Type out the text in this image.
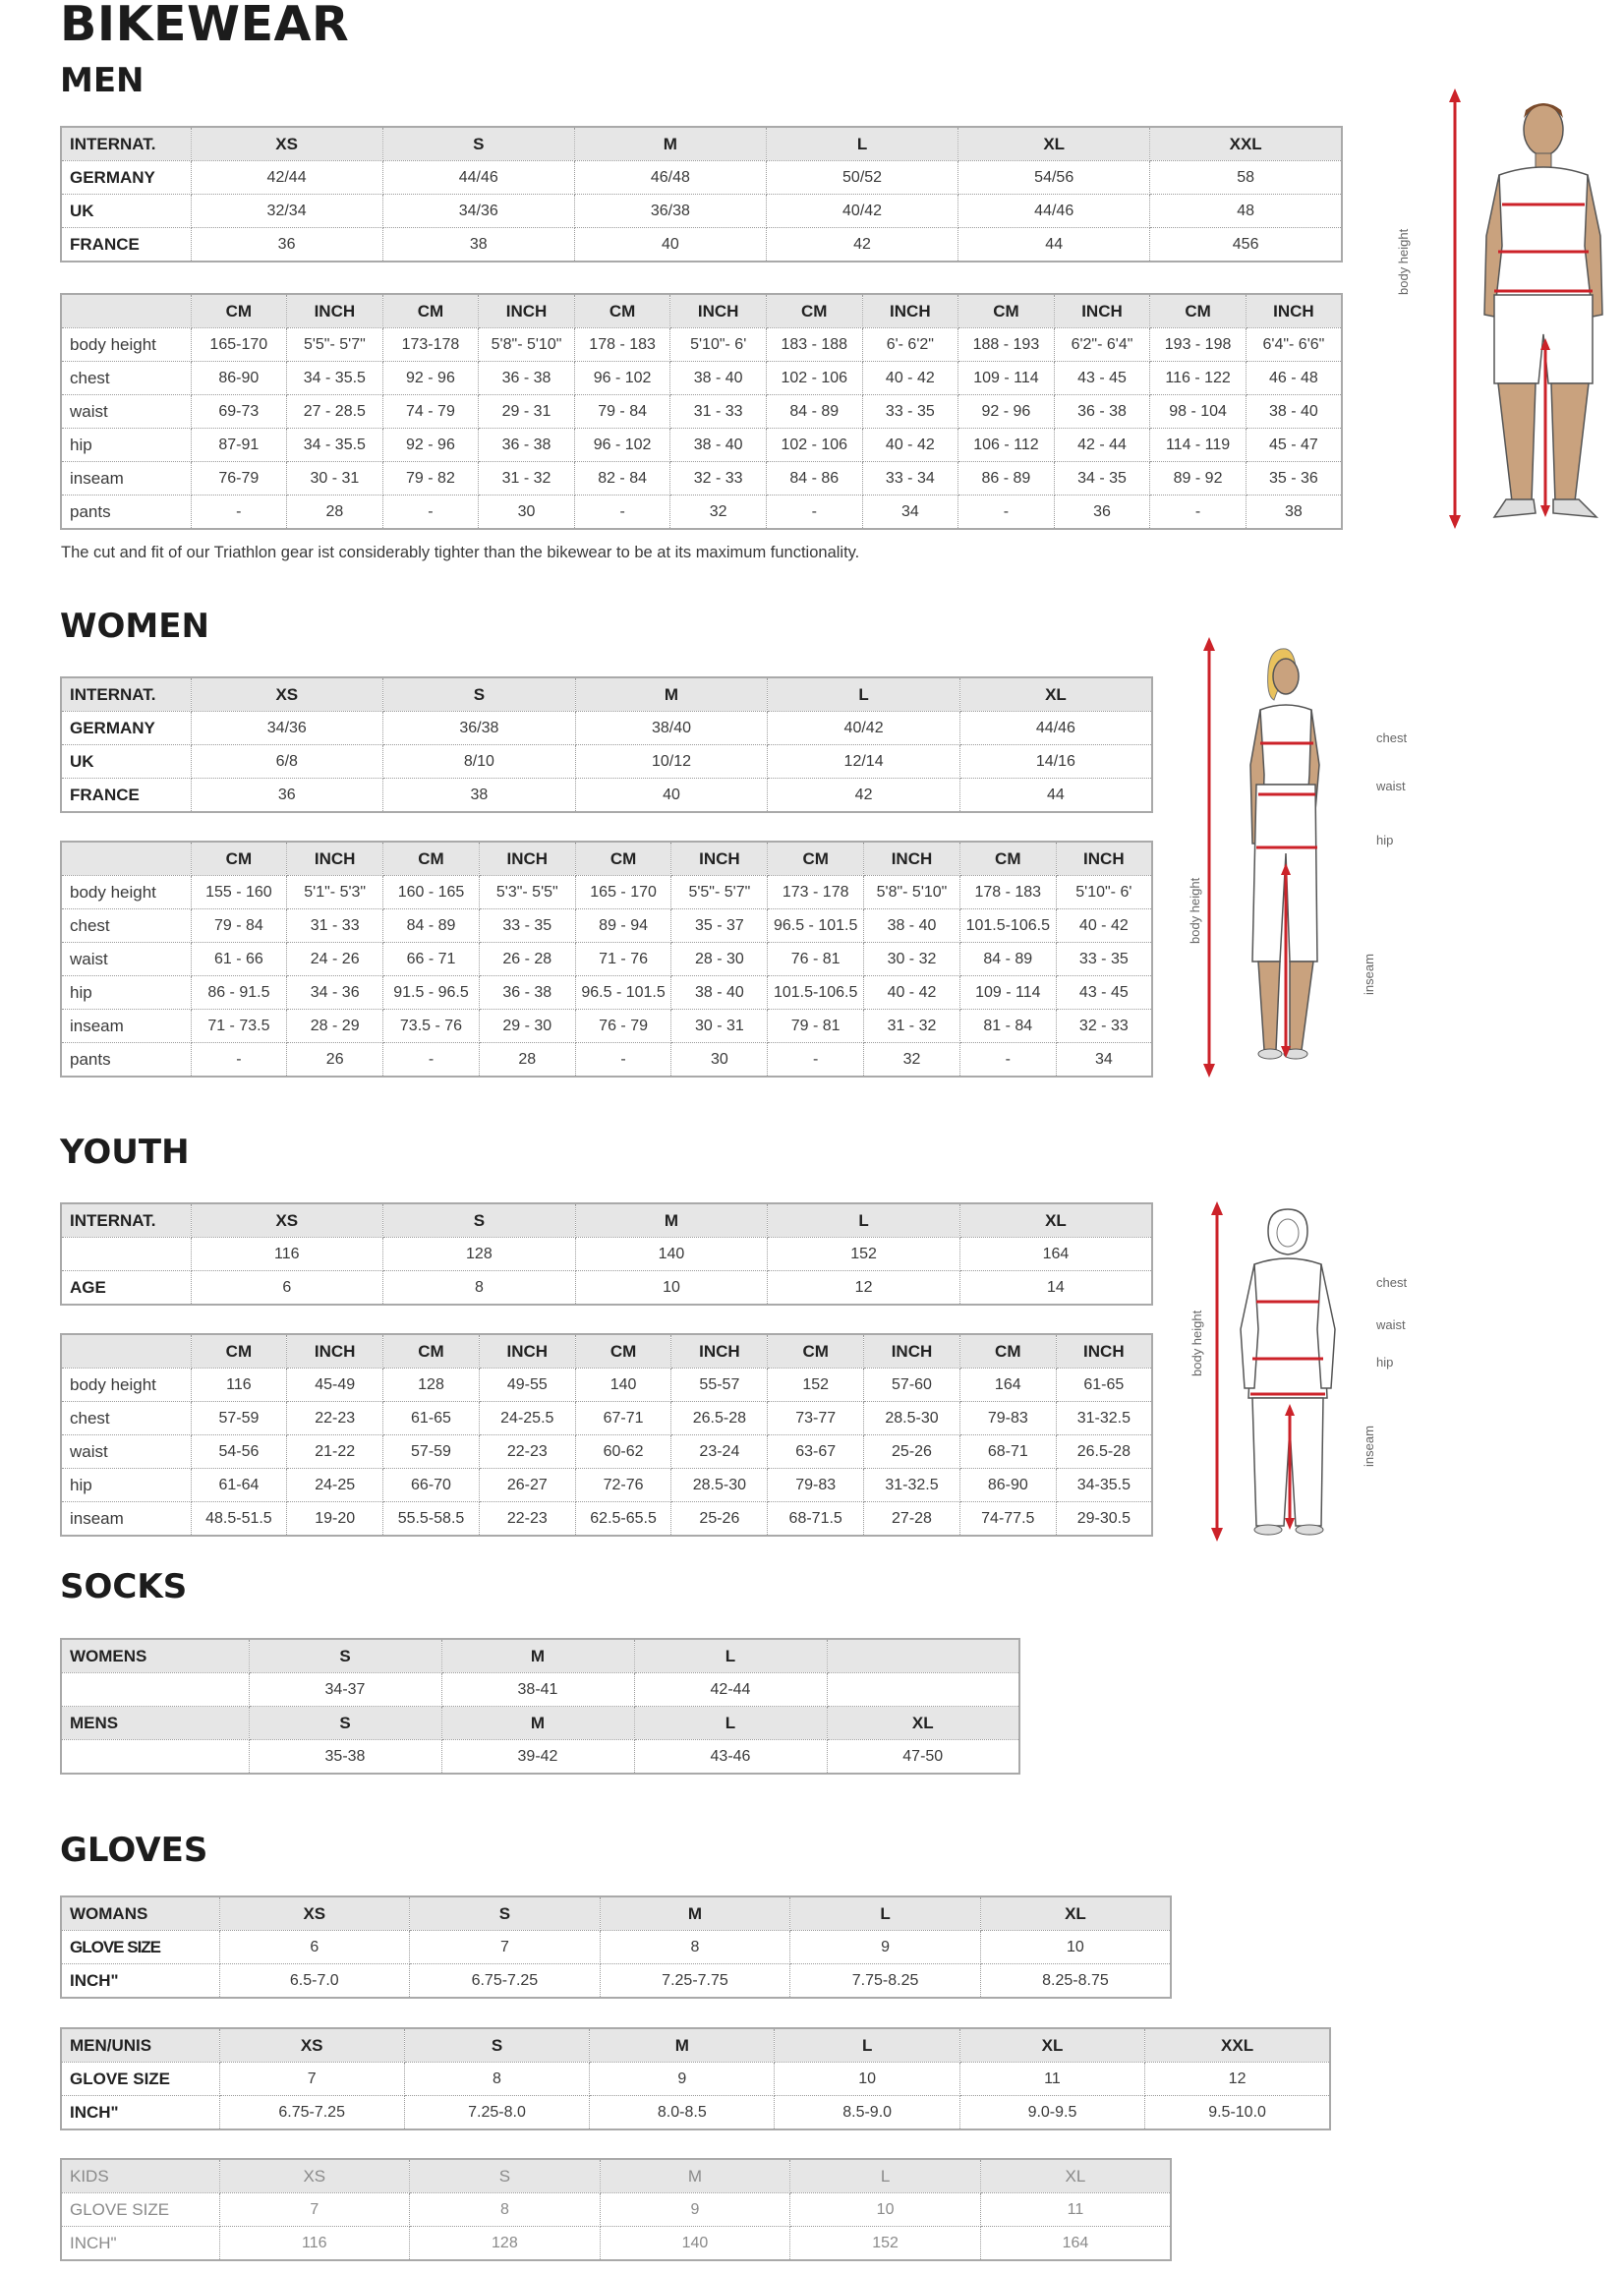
BIKEWEAR
MEN
INTERNAT.	XS	S	M	L	XL	XXL
GERMANY	42/44	44/46	46/48	50/52	54/56	58
UK	32/34	34/36	36/38	40/42	44/46	48
FRANCE	36	38	40	42	44	456
	CM	INCH	CM	INCH	CM	INCH	CM	INCH	CM	INCH	CM	INCH
body height	165-170	5'5"- 5'7"	173-178	5'8"- 5'10"	178 - 183	5'10"- 6'	183 - 188	6'- 6'2"	188 - 193	6'2"- 6'4"	193 - 198	6'4"- 6'6"
chest	86-90	34 - 35.5	92 - 96	36 - 38	96 - 102	38 - 40	102 - 106	40 - 42	109 - 114	43 - 45	116 - 122	46 - 48
waist	69-73	27 - 28.5	74 - 79	29 - 31	79 - 84	31 - 33	84 - 89	33 - 35	92 - 96	36 - 38	98 - 104	38 - 40
hip	87-91	34 - 35.5	92 - 96	36 - 38	96 - 102	38 - 40	102 - 106	40 - 42	106 - 112	42 - 44	114 - 119	45 - 47
inseam	76-79	30 - 31	79 - 82	31 - 32	82 - 84	32 - 33	84 - 86	33 - 34	86 - 89	34 - 35	89 - 92	35 - 36
pants	-	28	-	30	-	32	-	34	-	36	-	38
The cut and fit of our Triathlon gear ist considerably tighter than the bikewear to be at its maximum functionality.
body height
WOMEN
INTERNAT.	XS	S	M	L	XL
GERMANY	34/36	36/38	38/40	40/42	44/46
UK	6/8	8/10	10/12	12/14	14/16
FRANCE	36	38	40	42	44
	CM	INCH	CM	INCH	CM	INCH	CM	INCH	CM	INCH
body height	155 - 160	5'1"- 5'3"	160 - 165	5'3"- 5'5"	165 - 170	5'5"- 5'7"	173 - 178	5'8"- 5'10"	178 - 183	5'10"- 6'
chest	79 - 84	31 - 33	84 - 89	33 - 35	89 - 94	35 - 37	96.5 - 101.5	38 - 40	101.5-106.5	40 - 42
waist	61 - 66	24 - 26	66 - 71	26 - 28	71 - 76	28 - 30	76 - 81	30 - 32	84 - 89	33 - 35
hip	86 - 91.5	34 - 36	91.5 - 96.5	36 - 38	96.5 - 101.5	38 - 40	101.5-106.5	40 - 42	109 - 114	43 - 45
inseam	71 - 73.5	28 - 29	73.5 - 76	29 - 30	76 - 79	30 - 31	79 - 81	31 - 32	81 - 84	32 - 33
pants	-	26	-	28	-	30	-	32	-	34
chest
waist
hip
body height
inseam
YOUTH
INTERNAT.	XS	S	M	L	XL
	116	128	140	152	164
AGE	6	8	10	12	14
	CM	INCH	CM	INCH	CM	INCH	CM	INCH	CM	INCH
body height	116	45-49	128	49-55	140	55-57	152	57-60	164	61-65
chest	57-59	22-23	61-65	24-25.5	67-71	26.5-28	73-77	28.5-30	79-83	31-32.5
waist	54-56	21-22	57-59	22-23	60-62	23-24	63-67	25-26	68-71	26.5-28
hip	61-64	24-25	66-70	26-27	72-76	28.5-30	79-83	31-32.5	86-90	34-35.5
inseam	48.5-51.5	19-20	55.5-58.5	22-23	62.5-65.5	25-26	68-71.5	27-28	74-77.5	29-30.5
chest
waist
hip
body height
inseam
SOCKS
WOMENS	S	M	L	
	34-37	38-41	42-44	
MENS	S	M	L	XL
	35-38	39-42	43-46	47-50
GLOVES
WOMANS	XS	S	M	L	XL
GLOVE SIZE	6	7	8	9	10
INCH"	6.5-7.0	6.75-7.25	7.25-7.75	7.75-8.25	8.25-8.75
MEN/UNIS	XS	S	M	L	XL	XXL
GLOVE SIZE	7	8	9	10	11	12
INCH"	6.75-7.25	7.25-8.0	8.0-8.5	8.5-9.0	9.0-9.5	9.5-10.0
KIDS	XS	S	M	L	XL
GLOVE SIZE	7	8	9	10	11
INCH"	116	128	140	152	164
